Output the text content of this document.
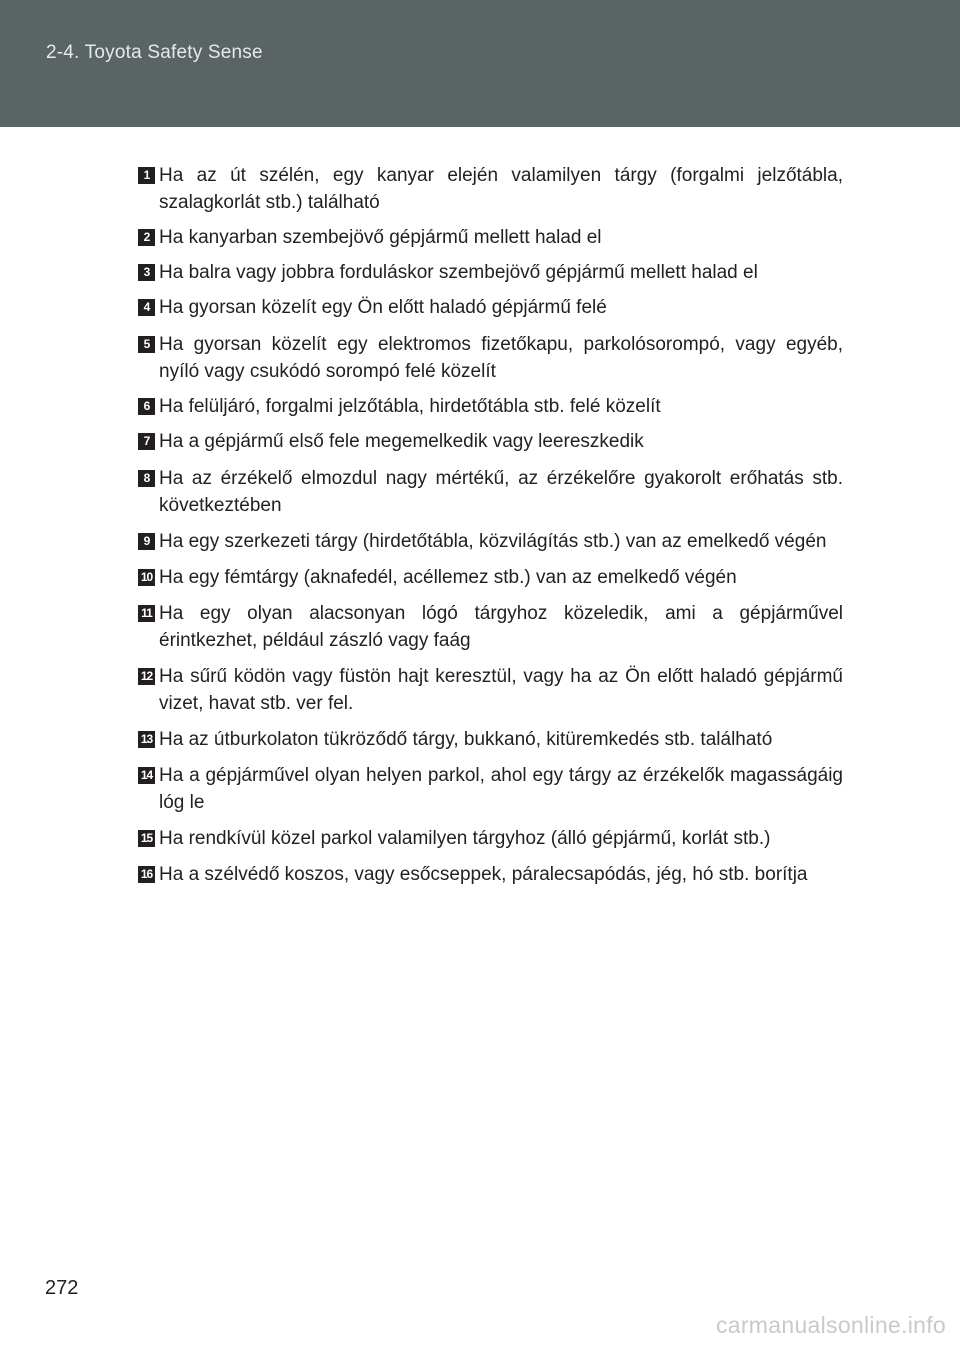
2-4. Toyota Safety Sense
1 Ha az út szélén, egy kanyar elején valamilyen tárgy (forgalmi jelzőtábla, szalagkorlát stb.) található
2 Ha kanyarban szembejövő gépjármű mellett halad el
3 Ha balra vagy jobbra forduláskor szembejövő gépjármű mellett halad el
4 Ha gyorsan közelít egy Ön előtt haladó gépjármű felé
5 Ha gyorsan közelít egy elektromos fizetőkapu, parkolósorompó, vagy egyéb, nyíló vagy csukódó sorompó felé közelít
6 Ha felüljáró, forgalmi jelzőtábla, hirdetőtábla stb. felé közelít
7 Ha a gépjármű első fele megemelkedik vagy leereszkedik
8 Ha az érzékelő elmozdul nagy mértékű, az érzékelőre gyakorolt erőhatás stb. következtében
9 Ha egy szerkezeti tárgy (hirdetőtábla, közvilágítás stb.) van az emelkedő végén
10 Ha egy fémtárgy (aknafedél, acéllemez stb.) van az emelkedő végén
11 Ha egy olyan alacsonyan lógó tárgyhoz közeledik, ami a gépjárművel érintkezhet, például zászló vagy faág
12 Ha sűrű ködön vagy füstön hajt keresztül, vagy ha az Ön előtt haladó gépjármű vizet, havat stb. ver fel.
13 Ha az útburkolaton tükröződő tárgy, bukkanó, kitüremkedés stb. található
14 Ha a gépjárművel olyan helyen parkol, ahol egy tárgy az érzékelők magasságáig lóg le
15 Ha rendkívül közel parkol valamilyen tárgyhoz (álló gépjármű, korlát stb.)
16 Ha a szélvédő koszos, vagy esőcseppek, páralecsapódás, jég, hó stb. borítja
272
carmanualsonline.info
